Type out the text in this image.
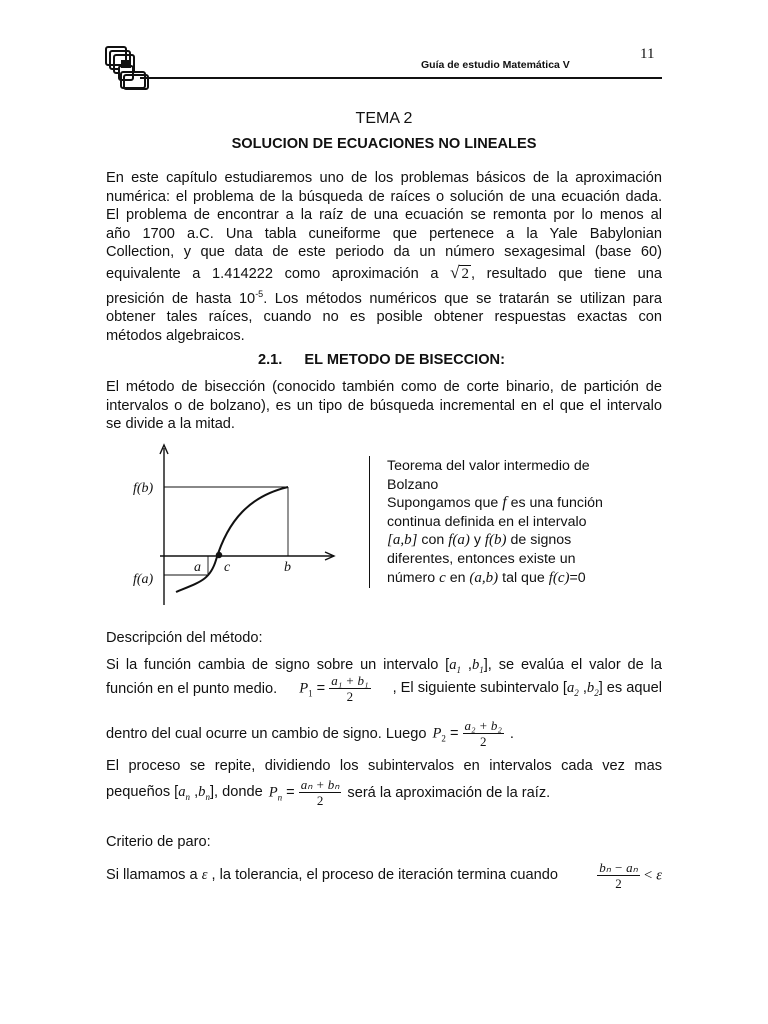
11
Guía de estudio Matemática V
TEMA 2
SOLUCION DE ECUACIONES NO LINEALES
En este capítulo estudiaremos uno de los problemas básicos de la aproximación
numérica: el problema de la búsqueda de raíces o solución de una ecuación dada.
El problema de encontrar a la raíz de una ecuación se remonta por lo menos al
año 1700 a.C. Una tabla cuneiforme que pertenece a la Yale Babylonian
Collection, y que data de este periodo da un número sexagesimal (base 60)
equivalente a 1.414222 como aproximación a √ 2 , resultado que tiene una
presición de hasta $10^{-5}$. Los métodos numéricos que se tratarán se utilizan para
obtener tales raíces, cuando no es posible obtener respuestas exactas con
métodos algebraicos.
2.1. EL METODO DE BISECCION:
El método de bisección (conocido también como de corte binario, de partición de
intervalos o de bolzano), es un tipo de búsqueda incremental en el que el intervalo
se divide a la mitad.
f(b)
f(a)
a c	b
Teorema del valor intermedio de
Bolzano
Supongamos que f es una función
continua definida en el intervalo
[a,b] con f(a) y f(b) de signos
diferentes, entonces existe un
número c en (a,b) tal que f(c)=0
Descripción del método:
Si la función cambia de signo sobre un intervalo [$a_1$ $,b_1$], se evalúa el valor de la
función en el punto medio. $P_1 = \frac{\text{a₁ + b₁}}{2}$ , El siguiente subintervalo [$a_2$ $,b_2$] es aquel
dentro del cual ocurre un cambio de signo. Luego $P_2 = \frac{\text{a₂ + b₂}}{2}$ .
El proceso se repite, dividiendo los subintervalos en intervalos cada vez mas
pequeños [$a_n$ $,b_n$], donde $P_n = \frac{\text{aₙ + bₙ}}{2}$ será la aproximación de la raíz.
Criterio de paro:
Si llamamos a ε , la tolerancia, el proceso de iteración termina cuando	$\frac{\text{bₙ − aₙ}}{2} < \varepsilon$
